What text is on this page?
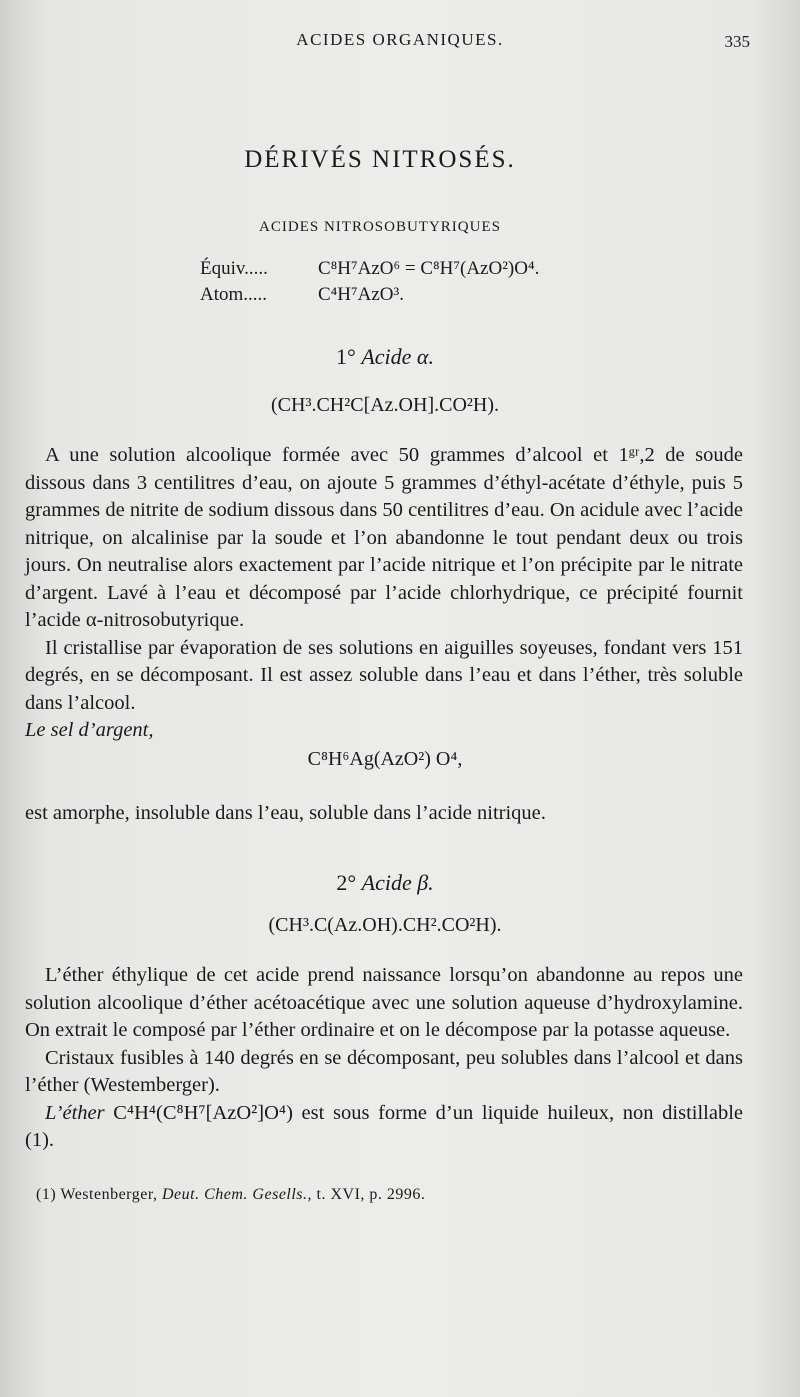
ACIDES ORGANIQUES.	335
DÉRIVÉS NITROSÉS.
ACIDES NITROSOBUTYRIQUES
Équiv.....	C⁸H⁷AzO⁶ = C⁸H⁷(AzO²)O⁴.
Atom.....	C⁴H⁷AzO³.
1° Acide α.
(CH³.CH²C[Az.OH].CO²H).

A une solution alcoolique formée avec 50 grammes d’alcool et 1ᵍʳ,2 de soude dissous dans 3 centilitres d’eau, on ajoute 5 grammes d’éthyl-acétate d’éthyle, puis 5 grammes de nitrite de sodium dissous dans 50 centilitres d’eau. On acidule avec l’acide nitrique, on alcalinise par la soude et l’on abandonne le tout pendant deux ou trois jours. On neutralise alors exactement par l’acide nitrique et l’on précipite par le nitrate d’argent. Lavé à l’eau et décomposé par l’acide chlorhydrique, ce précipité fournit l’acide α-nitrosobutyrique.

Il cristallise par évaporation de ses solutions en aiguilles soyeuses, fondant vers 151 degrés, en se décomposant. Il est assez soluble dans l’eau et dans l’éther, très soluble dans l’alcool.

Le sel d’argent,

C⁸H⁶Ag(AzO²) O⁴,

est amorphe, insoluble dans l’eau, soluble dans l’acide nitrique.

2° Acide β.
(CH³.C(Az.OH).CH².CO²H).

L’éther éthylique de cet acide prend naissance lorsqu’on abandonne au repos une solution alcoolique d’éther acétoacétique avec une solution aqueuse d’hydroxylamine. On extrait le composé par l’éther ordinaire et on le décompose par la potasse aqueuse.

Cristaux fusibles à 140 degrés en se décomposant, peu solubles dans l’alcool et dans l’éther (Westemberger).

L’éther C⁴H⁴(C⁸H⁷[AzO²]O⁴) est sous forme d’un liquide huileux, non distillable (1).

(1) Westenberger, Deut. Chem. Gesells., t. XVI, p. 2996.
